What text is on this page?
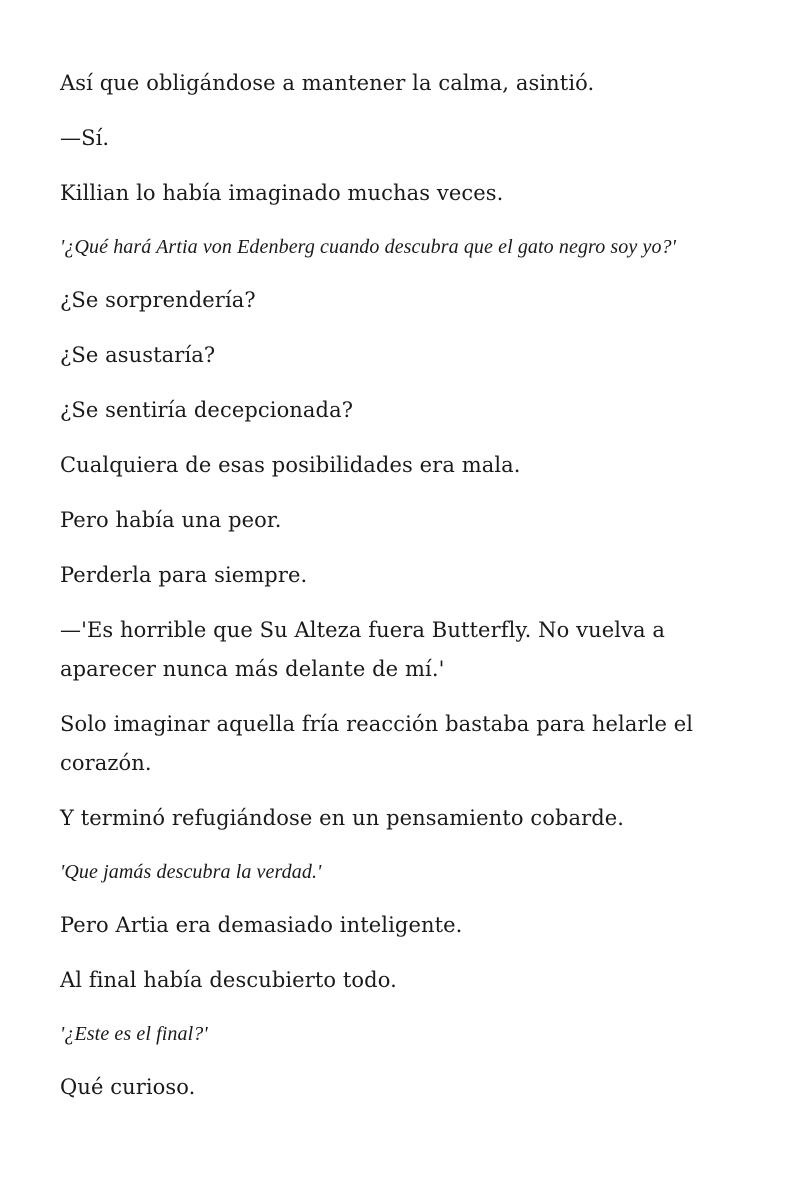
Así que obligándose a mantener la calma, asintió.

—Sí.

Killian lo había imaginado muchas veces.

'¿Qué hará Artia von Edenberg cuando descubra que el gato negro soy yo?'

¿Se sorprendería?

¿Se asustaría?

¿Se sentiría decepcionada?

Cualquiera de esas posibilidades era mala.

Pero había una peor.

Perderla para siempre.

—'Es horrible que Su Alteza fuera Butterfly. No vuelva a aparecer nunca más delante de mí.'

Solo imaginar aquella fría reacción bastaba para helarle el corazón.

Y terminó refugiándose en un pensamiento cobarde.

'Que jamás descubra la verdad.'

Pero Artia era demasiado inteligente.

Al final había descubierto todo.

'¿Este es el final?'

Qué curioso.
